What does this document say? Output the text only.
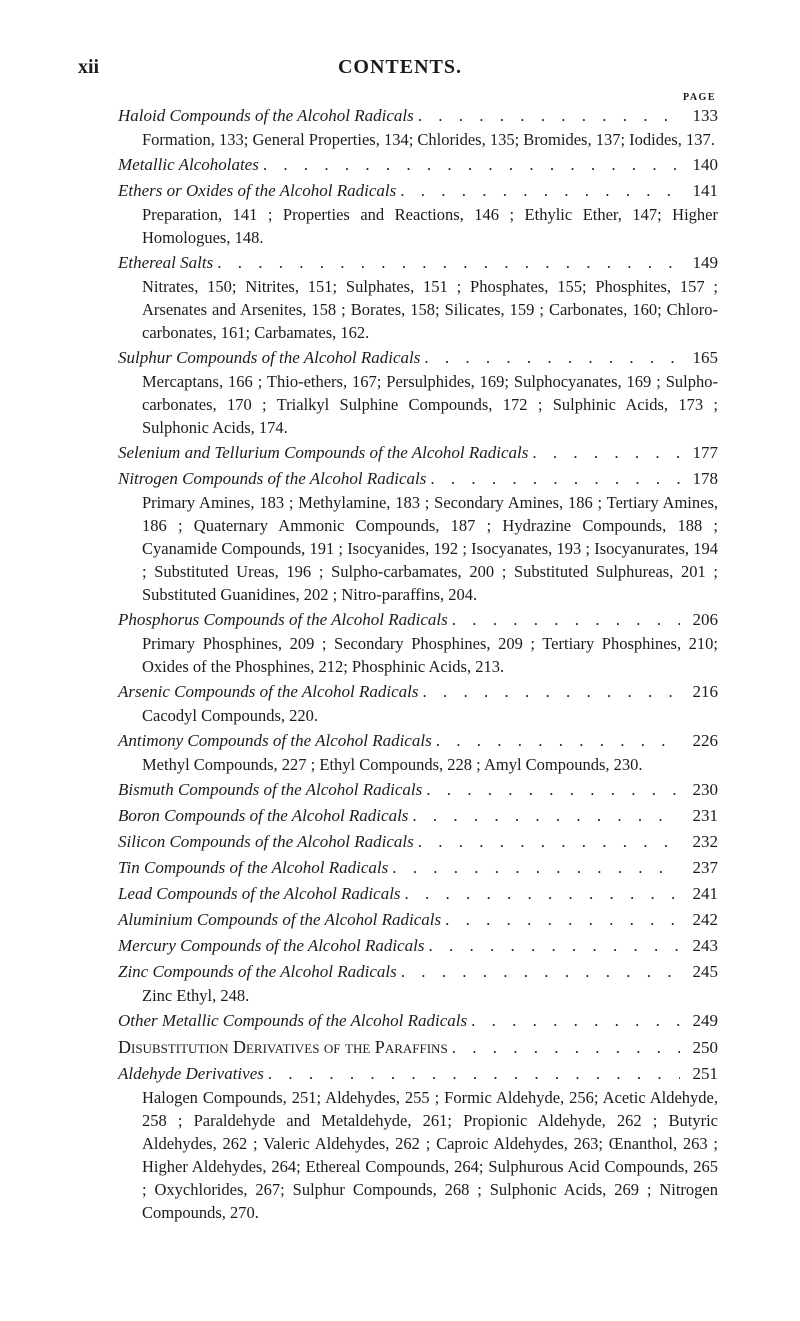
xii	CONTENTS.
PAGE
Haloid Compounds of the Alcohol Radicals . . .	133
Formation, 133; General Properties, 134; Chlorides, 135; Bromides, 137; Iodides, 137.
Metallic Alcoholates . . .	140
Ethers or Oxides of the Alcohol Radicals . . .	141
Preparation, 141 ; Properties and Reactions, 146 ; Ethylic Ether, 147; Higher Homologues, 148.
Ethereal Salts . . .	149
Nitrates, 150; Nitrites, 151; Sulphates, 151 ; Phosphates, 155; Phosphites, 157 ; Arsenates and Arsenites, 158 ; Borates, 158; Silicates, 159 ; Carbonates, 160; Chloro-carbonates, 161; Carbamates, 162.
Sulphur Compounds of the Alcohol Radicals . . .	165
Mercaptans, 166 ; Thio-ethers, 167; Persulphides, 169; Sulphocyanates, 169 ; Sulpho-carbonates, 170 ; Trialkyl Sulphine Compounds, 172 ; Sulphinic Acids, 173 ; Sulphonic Acids, 174.
Selenium and Tellurium Compounds of the Alcohol Radicals . . .	177
Nitrogen Compounds of the Alcohol Radicals . . .	178
Primary Amines, 183 ; Methylamine, 183 ; Secondary Amines, 186 ; Tertiary Amines, 186 ; Quaternary Ammonic Compounds, 187 ; Hydrazine Compounds, 188 ; Cyanamide Compounds, 191 ; Isocyanides, 192 ; Isocyanates, 193 ; Isocyanurates, 194 ; Substituted Ureas, 196 ; Sulpho-carbamates, 200 ; Substituted Sulphureas, 201 ; Substituted Guanidines, 202 ; Nitro-paraffins, 204.
Phosphorus Compounds of the Alcohol Radicals . . .	206
Primary Phosphines, 209 ; Secondary Phosphines, 209 ; Tertiary Phosphines, 210; Oxides of the Phosphines, 212; Phosphinic Acids, 213.
Arsenic Compounds of the Alcohol Radicals . . .	216
Cacodyl Compounds, 220.
Antimony Compounds of the Alcohol Radicals . . .	226
Methyl Compounds, 227 ; Ethyl Compounds, 228 ; Amyl Compounds, 230.
Bismuth Compounds of the Alcohol Radicals . . .	230
Boron Compounds of the Alcohol Radicals . . .	231
Silicon Compounds of the Alcohol Radicals . . .	232
Tin Compounds of the Alcohol Radicals . . .	237
Lead Compounds of the Alcohol Radicals . . .	241
Aluminium Compounds of the Alcohol Radicals . . .	242
Mercury Compounds of the Alcohol Radicals . . .	243
Zinc Compounds of the Alcohol Radicals . . .	245
Zinc Ethyl, 248.
Other Metallic Compounds of the Alcohol Radicals . . .	249
Disubstitution Derivatives of the Paraffins . . .	250
Aldehyde Derivatives . . .	251
Halogen Compounds, 251; Aldehydes, 255 ; Formic Aldehyde, 256; Acetic Aldehyde, 258 ; Paraldehyde and Metaldehyde, 261; Propionic Aldehyde, 262 ; Butyric Aldehydes, 262 ; Valeric Aldehydes, 262 ; Caproic Aldehydes, 263; Œnanthol, 263 ; Higher Aldehydes, 264; Ethereal Compounds, 264; Sulphurous Acid Compounds, 265 ; Oxychlorides, 267; Sulphur Compounds, 268 ; Sulphonic Acids, 269 ; Nitrogen Compounds, 270.
